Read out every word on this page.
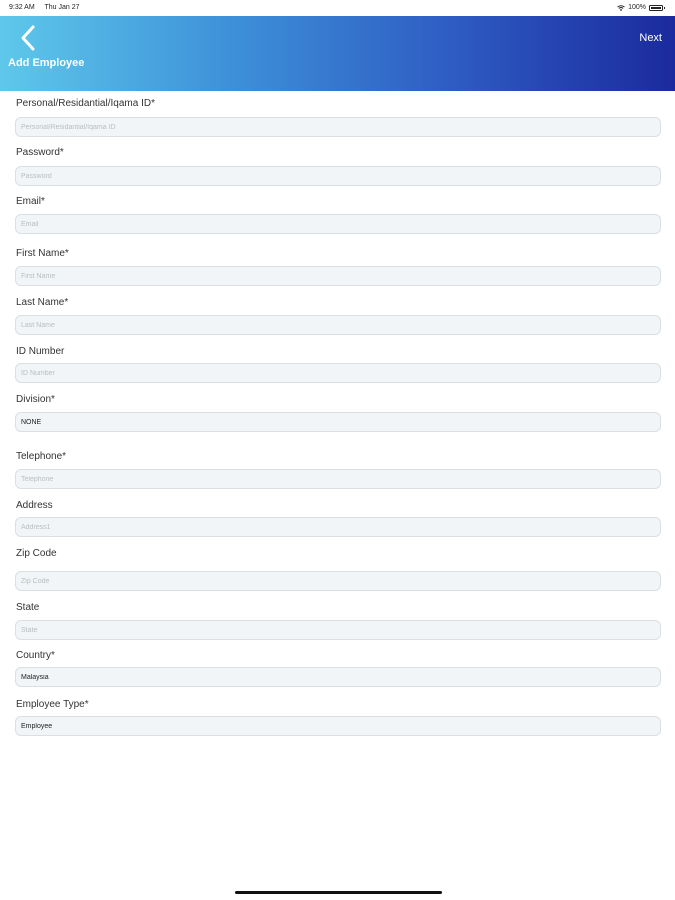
9:32 AM Thu Jan 27	100%
Add Employee
Next
Personal/Residantial/Iqama ID*
Personal/Residantial/Iqama ID
Password*
Password
Email*
Email
First Name*
First Name
Last Name*
Last Name
ID Number
ID Number
Division*
NONE
Telephone*
Telephone
Address
Address1
Zip Code
Zip Code
State
State
Country*
Malaysia
Employee Type*
Employee
